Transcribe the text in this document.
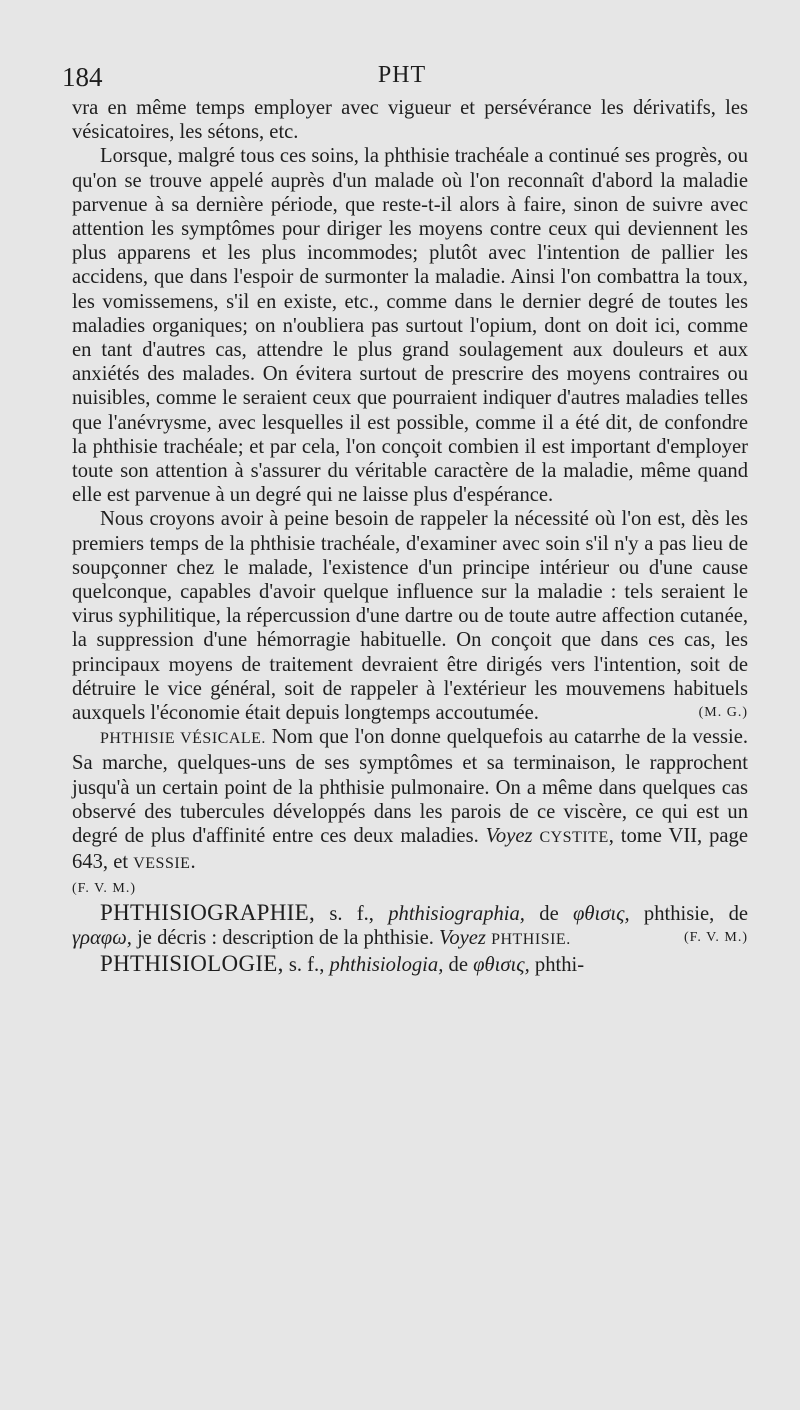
184	PHT

vra en même temps employer avec vigueur et persévérance les dérivatifs, les vésicatoires, les sétons, etc.

Lorsque, malgré tous ces soins, la phthisie trachéale a continué ses progrès, ou qu'on se trouve appelé auprès d'un malade où l'on reconnaît d'abord la maladie parvenue à sa dernière période, que reste-t-il alors à faire, sinon de suivre avec attention les symptômes pour diriger les moyens contre ceux qui deviennent les plus apparens et les plus incommodes; plutôt avec l'intention de pallier les accidens, que dans l'espoir de surmonter la maladie. Ainsi l'on combattra la toux, les vomissemens, s'il en existe, etc., comme dans le dernier degré de toutes les maladies organiques; on n'oubliera pas surtout l'opium, dont on doit ici, comme en tant d'autres cas, attendre le plus grand soulagement aux douleurs et aux anxiétés des malades. On évitera surtout de prescrire des moyens contraires ou nuisibles, comme le seraient ceux que pourraient indiquer d'autres maladies telles que l'anévrysme, avec lesquelles il est possible, comme il a été dit, de confondre la phthisie trachéale; et par cela, l'on conçoit combien il est important d'employer toute son attention à s'assurer du véritable caractère de la maladie, même quand elle est parvenue à un degré qui ne laisse plus d'espérance.

Nous croyons avoir à peine besoin de rappeler la nécessité où l'on est, dès les premiers temps de la phthisie trachéale, d'examiner avec soin s'il n'y a pas lieu de soupçonner chez le malade, l'existence d'un principe intérieur ou d'une cause quelconque, capables d'avoir quelque influence sur la maladie : tels seraient le virus syphilitique, la répercussion d'une dartre ou de toute autre affection cutanée, la suppression d'une hémorragie habituelle. On conçoit que dans ces cas, les principaux moyens de traitement devraient être dirigés vers l'intention, soit de détruire le vice général, soit de rappeler à l'extérieur les mouvemens habituels auxquels l'économie était depuis longtemps accoutumée.	(M. G.)

PHTHISIE VÉSICALE. Nom que l'on donne quelquefois au catarrhe de la vessie. Sa marche, quelques-uns de ses symptômes et sa terminaison, le rapprochent jusqu'à un certain point de la phthisie pulmonaire. On a même dans quelques cas observé des tubercules développés dans les parois de ce viscère, ce qui est un degré de plus d'affinité entre ces deux maladies. Voyez CYSTITE, tome VII, page 643, et VESSIE.

(F. V. M.)

PHTHISIOGRAPHIE, s. f., phthisiographia, de φθισις, phthisie, de γραφω, je décris : description de la phthisie. Voyez PHTHISIE.	(F. V. M.)

PHTHISIOLOGIE, s. f., phthisiologia, de φθισις, phthi-
